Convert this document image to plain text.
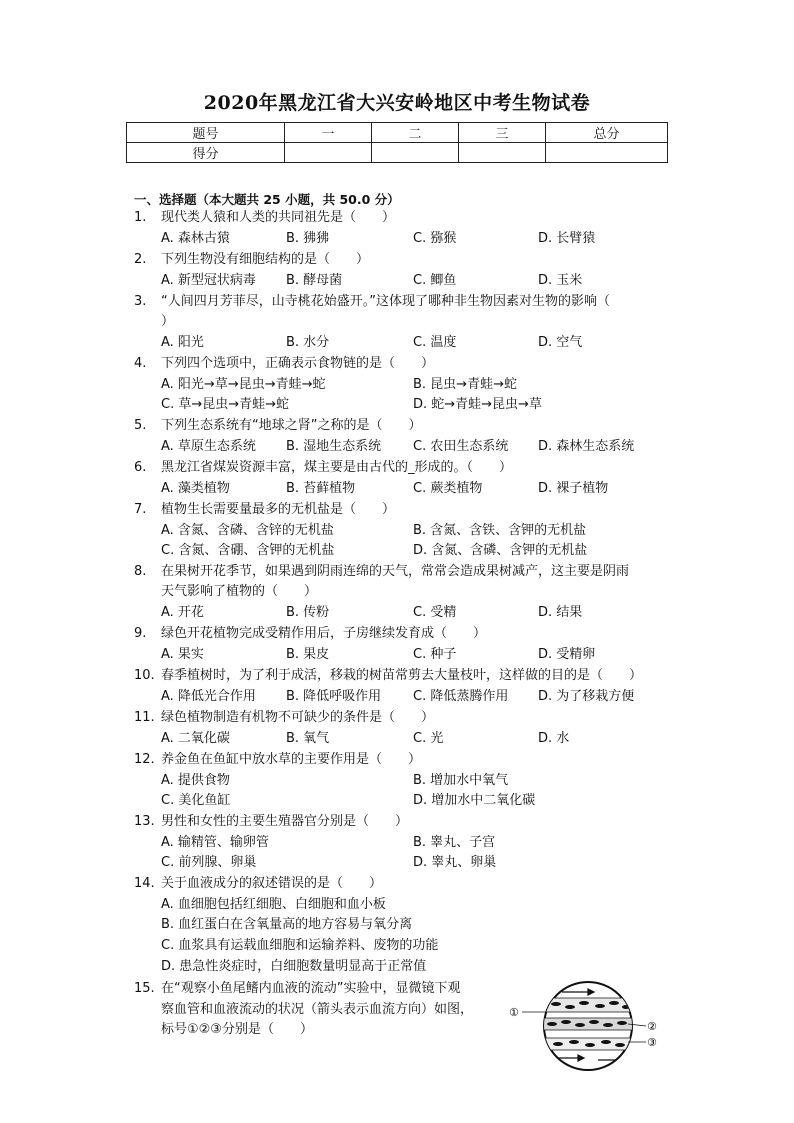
2020年黑龙江省大兴安岭地区中考生物试卷
题号	一	二	三	总分
得分				
一、选择题（本大题共 25 小题，共 50.0 分）
1. 现代类人猿和人类的共同祖先是（　　）
A. 森林古猿	B. 狒狒	C. 猕猴	D. 长臂猿
2. 下列生物没有细胞结构的是（　　）
A. 新型冠状病毒 B. 酵母菌	C. 鲫鱼	D. 玉米
3. “人间四月芳菲尽，山寺桃花始盛开。”这体现了哪种非生物因素对生物的影响（
）
A. 阳光	B. 水分	C. 温度	D. 空气
4. 下列四个选项中，正确表示食物链的是（　　）
A. 阳光→草→昆虫→青蛙→蛇	B. 昆虫→青蛙→蛇
C. 草→昆虫→青蛙→蛇	D. 蛇→青蛙→昆虫→草
5. 下列生态系统有“地球之肾”之称的是（　　）
A. 草原生态系统 B. 湿地生态系统 C. 农田生态系统 D. 森林生态系统
6. 黑龙江省煤炭资源丰富，煤主要是由古代的_形成的。（　　）
A. 藻类植物	B. 苔藓植物	C. 蕨类植物	D. 裸子植物
7. 植物生长需要量最多的无机盐是（　　）
A. 含氮、含磷、含锌的无机盐	B. 含氮、含铁、含钾的无机盐
C. 含氮、含硼、含钾的无机盐	D. 含氮、含磷、含钾的无机盐
8. 在果树开花季节，如果遇到阴雨连绵的天气，常常会造成果树减产，这主要是阴雨
天气影响了植物的（　　）
A. 开花	B. 传粉	C. 受精	D. 结果
9. 绿色开花植物完成受精作用后，子房继续发育成（　　）
A. 果实	B. 果皮	C. 种子	D. 受精卵
10. 春季植树时，为了利于成活，移栽的树苗常剪去大量枝叶，这样做的目的是（　　）
A. 降低光合作用 B. 降低呼吸作用 C. 降低蒸腾作用 D. 为了移栽方便
11. 绿色植物制造有机物不可缺少的条件是（　　）
A. 二氧化碳	B. 氧气	C. 光	D. 水
12. 养金鱼在鱼缸中放水草的主要作用是（　　）
A. 提供食物	B. 增加水中氧气
C. 美化鱼缸	D. 增加水中二氧化碳
13. 男性和女性的主要生殖器官分别是（　　）
A. 输精管、输卵管	B. 睾丸、子宫
C. 前列腺、卵巢	D. 睾丸、卵巢
14. 关于血液成分的叙述错误的是（　　）
A. 血细胞包括红细胞、白细胞和血小板
B. 血红蛋白在含氧量高的地方容易与氧分离
C. 血浆具有运载血细胞和运输养料、废物的功能
D. 患急性炎症时，白细胞数量明显高于正常值
15. 在“观察小鱼尾鳍内血液的流动”实验中，显微镜下观
察血管和血液流动的状况（箭头表示血流方向）如图，
标号①②③分别是（　　）
①
②
③
